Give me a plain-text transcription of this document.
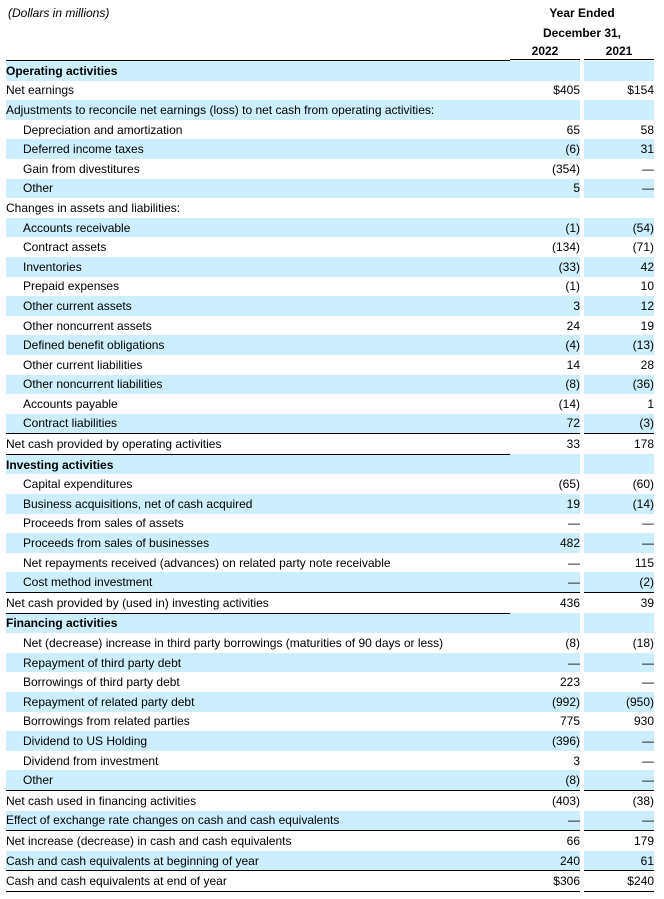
(Dollars in millions)	Year Ended
December 31,
2022	2021
Operating activities			
Net earnings	$405		$154
Adjustments to reconcile net earnings (loss) to net cash from operating activities:			
Depreciation and amortization	65		58
Deferred income taxes	(6)		31
Gain from divestitures	(354)		—
Other	5		—
Changes in assets and liabilities:			
Accounts receivable	(1)		(54)
Contract assets	(134)		(71)
Inventories	(33)		42
Prepaid expenses	(1)		10
Other current assets	3		12
Other noncurrent assets	24		19
Defined benefit obligations	(4)		(13)
Other current liabilities	14		28
Other noncurrent liabilities	(8)		(36)
Accounts payable	(14)		1
Contract liabilities	72		(3)
Net cash provided by operating activities	33		178
Investing activities			
Capital expenditures	(65)		(60)
Business acquisitions, net of cash acquired	19		(14)
Proceeds from sales of assets	—		—
Proceeds from sales of businesses	482		—
Net repayments received (advances) on related party note receivable	—		115
Cost method investment	—		(2)
Net cash provided by (used in) investing activities	436		39
Financing activities			
Net (decrease) increase in third party borrowings (maturities of 90 days or less)	(8)		(18)
Repayment of third party debt	—		—
Borrowings of third party debt	223		—
Repayment of related party debt	(992)		(950)
Borrowings from related parties	775		930
Dividend to US Holding	(396)		—
Dividend from investment	3		—
Other	(8)		—
Net cash used in financing activities	(403)		(38)
Effect of exchange rate changes on cash and cash equivalents	—		—
Net increase (decrease) in cash and cash equivalents	66		179
Cash and cash equivalents at beginning of year	240		61
Cash and cash equivalents at end of year	$306		$240
